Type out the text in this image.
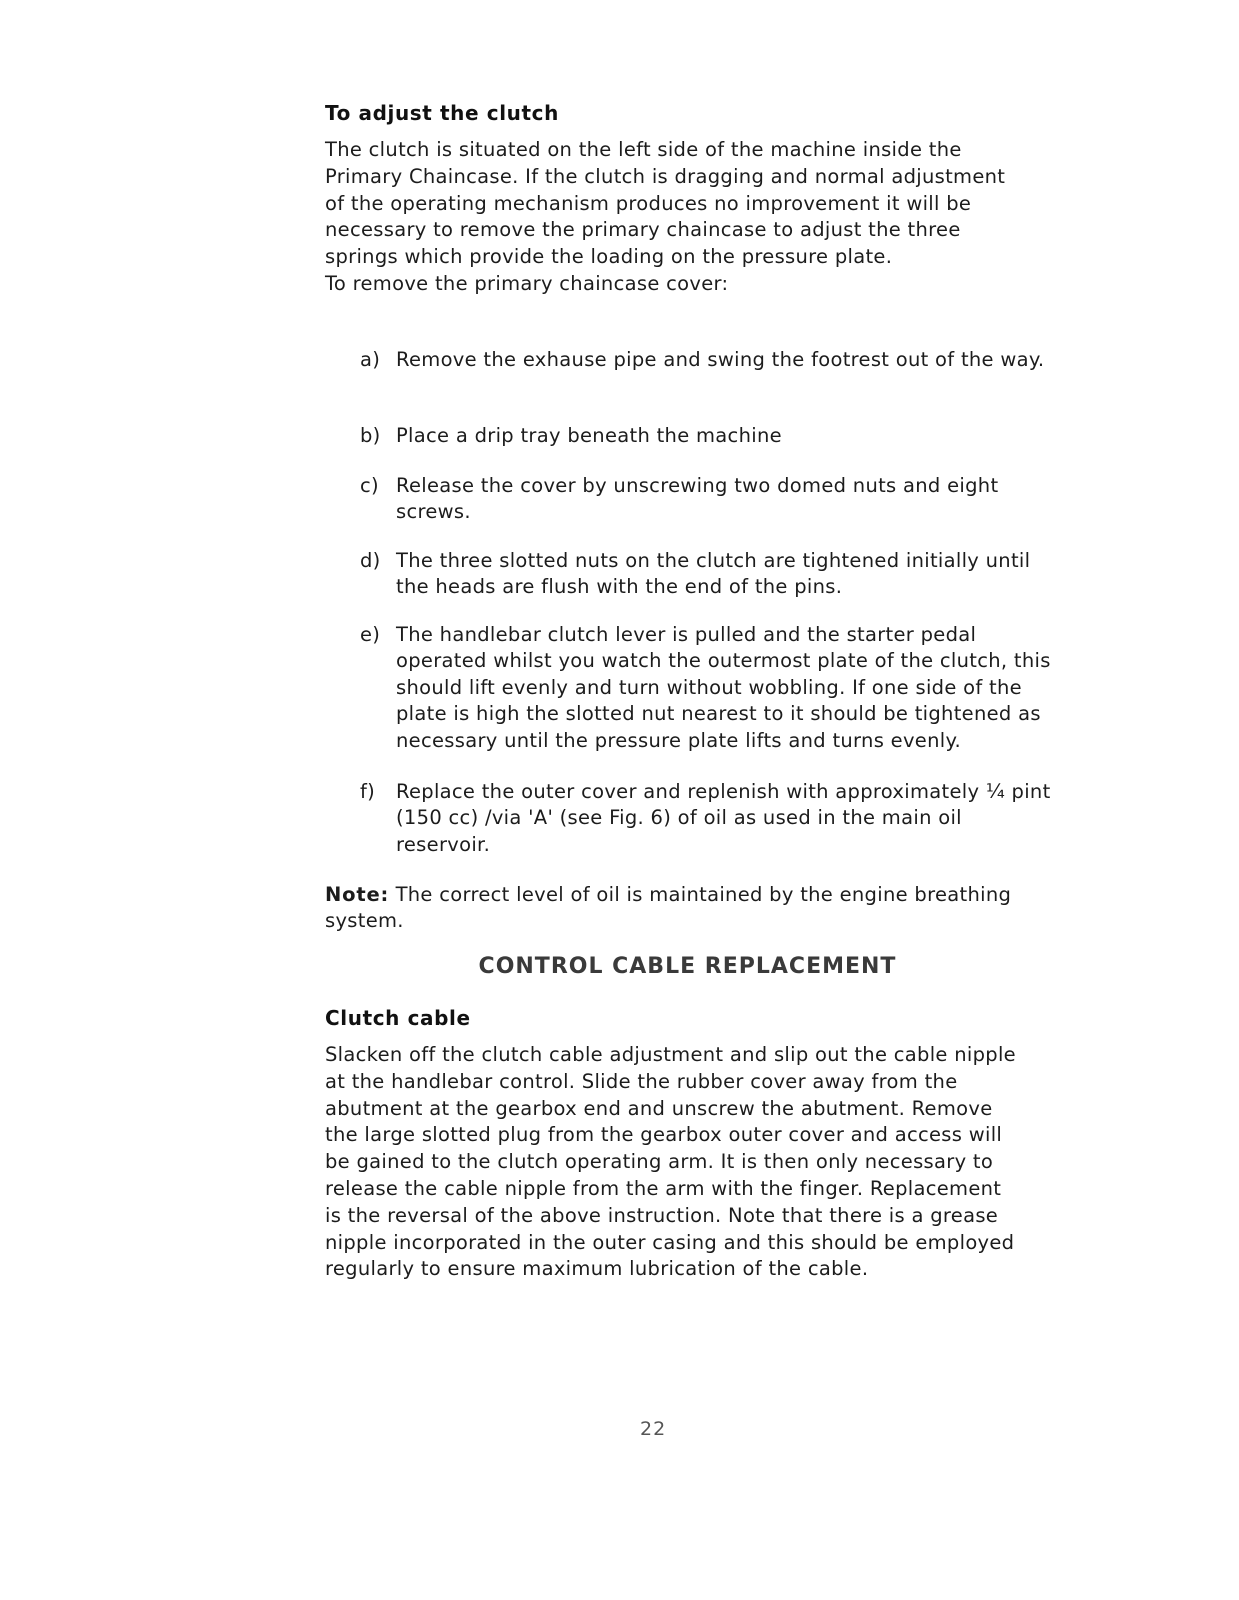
To adjust the clutch

The clutch is situated on the left side of the machine inside the
Primary Chaincase. If the clutch is dragging and normal adjustment
of the operating mechanism produces no improvement it will be
necessary to remove the primary chaincase to adjust the three
springs which provide the loading on the pressure plate.
To remove the primary chaincase cover:

a) Remove the exhause pipe and swing the footrest out of the way.
b) Place a drip tray beneath the machine
c) Release the cover by unscrewing two domed nuts and eight screws.
d) The three slotted nuts on the clutch are tightened initially until the heads are flush with the end of the pins.
e) The handlebar clutch lever is pulled and the starter pedal operated whilst you watch the outermost plate of the clutch, this should lift evenly and turn without wobbling. If one side of the plate is high the slotted nut nearest to it should be tightened as necessary until the pressure plate lifts and turns evenly.
f)	Replace the outer cover and replenish with approximately ¼ pint (150 cc) /via 'A' (see Fig. 6) of oil as used in the main oil reservoir.
Note: The correct level of oil is maintained by the engine breathing system.
CONTROL CABLE REPLACEMENT
Clutch cable

Slacken off the clutch cable adjustment and slip out the cable nipple
at the handlebar control. Slide the rubber cover away from the
abutment at the gearbox end and unscrew the abutment. Remove
the large slotted plug from the gearbox outer cover and access will
be gained to the clutch operating arm. It is then only necessary to
release the cable nipple from the arm with the finger. Replacement
is the reversal of the above instruction. Note that there is a grease
nipple incorporated in the outer casing and this should be employed
regularly to ensure maximum lubrication of the cable.

22
